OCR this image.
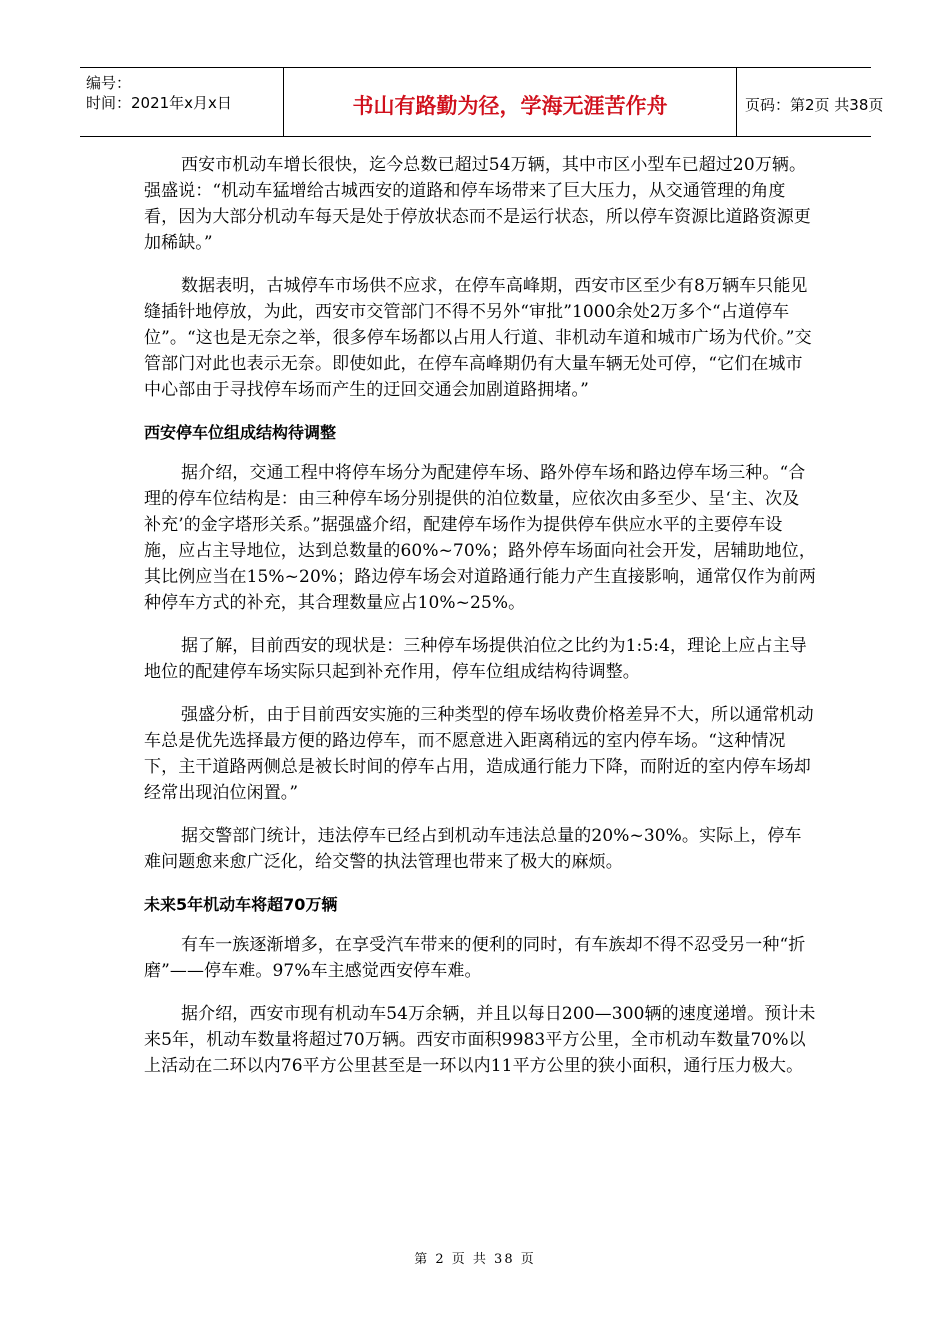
编号：
时间：2021年x月x日	书山有路勤为径，学海无涯苦作舟	页码：第2页 共38页

西安市机动车增长很快，迄今总数已超过54万辆，其中市区小型车已超过20万辆。强盛说：“机动车猛增给古城西安的道路和停车场带来了巨大压力，从交通管理的角度看，因为大部分机动车每天是处于停放状态而不是运行状态，所以停车资源比道路资源更加稀缺。”

数据表明，古城停车市场供不应求，在停车高峰期，西安市区至少有8万辆车只能见缝插针地停放，为此，西安市交管部门不得不另外“审批”1000余处2万多个“占道停车位”。“这也是无奈之举，很多停车场都以占用人行道、非机动车道和城市广场为代价。”交管部门对此也表示无奈。即使如此，在停车高峰期仍有大量车辆无处可停，“它们在城市中心部由于寻找停车场而产生的迂回交通会加剧道路拥堵。”

西安停车位组成结构待调整

据介绍，交通工程中将停车场分为配建停车场、路外停车场和路边停车场三种。“合理的停车位结构是：由三种停车场分别提供的泊位数量，应依次由多至少、呈‘主、次及补充’的金字塔形关系。”据强盛介绍，配建停车场作为提供停车供应水平的主要停车设施，应占主导地位，达到总数量的60%~70%；路外停车场面向社会开发，居辅助地位，其比例应当在15%~20%；路边停车场会对道路通行能力产生直接影响，通常仅作为前两种停车方式的补充，其合理数量应占10%~25%。

据了解，目前西安的现状是：三种停车场提供泊位之比约为1:5:4，理论上应占主导地位的配建停车场实际只起到补充作用，停车位组成结构待调整。

强盛分析，由于目前西安实施的三种类型的停车场收费价格差异不大，所以通常机动车总是优先选择最方便的路边停车，而不愿意进入距离稍远的室内停车场。“这种情况下，主干道路两侧总是被长时间的停车占用，造成通行能力下降，而附近的室内停车场却经常出现泊位闲置。”

据交警部门统计，违法停车已经占到机动车违法总量的20%~30%。实际上，停车难问题愈来愈广泛化，给交警的执法管理也带来了极大的麻烦。

未来5年机动车将超70万辆

有车一族逐渐增多，在享受汽车带来的便利的同时，有车族却不得不忍受另一种“折磨”——停车难。97%车主感觉西安停车难。

据介绍，西安市现有机动车54万余辆，并且以每日200—300辆的速度递增。预计未来5年，机动车数量将超过70万辆。西安市面积9983平方公里，全市机动车数量70%以上活动在二环以内76平方公里甚至是一环以内11平方公里的狭小面积，通行压力极大。

第 2 页 共 38 页
